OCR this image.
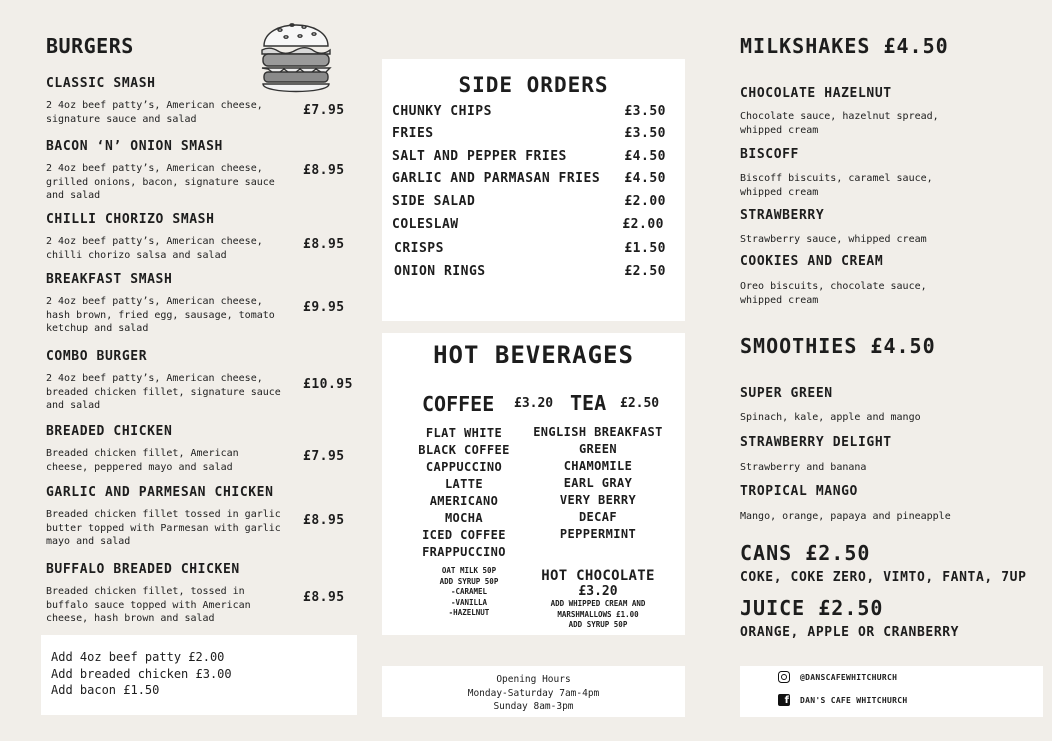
BURGERS
CLASSIC SMASH
2 4oz beef patty’s, American cheese, signature sauce and salad
£7.95
BACON ‘N’ ONION SMASH
2 4oz beef patty’s, American cheese, grilled onions, bacon, signature sauce and salad
£8.95
CHILLI CHORIZO SMASH
2 4oz beef patty’s, American cheese, chilli chorizo salsa and salad
£8.95
BREAKFAST SMASH
2 4oz beef patty’s, American cheese, hash brown, fried egg, sausage, tomato ketchup and salad
£9.95
COMBO BURGER
2 4oz beef patty’s, American cheese, breaded chicken fillet, signature sauce and salad
£10.95
BREADED CHICKEN
Breaded chicken fillet, American cheese, peppered mayo and salad
£7.95
GARLIC AND PARMESAN CHICKEN
Breaded chicken fillet tossed in garlic butter topped with Parmesan with garlic mayo and salad
£8.95
BUFFALO BREADED CHICKEN
Breaded chicken fillet, tossed in buffalo sauce topped with American cheese, hash brown and salad
£8.95
Add 4oz beef patty £2.00
Add breaded chicken £3.00
Add bacon £1.50
SIDE ORDERS
CHUNKY CHIPS	£3.50
FRIES	£3.50
SALT AND PEPPER FRIES	£4.50
GARLIC AND PARMASAN FRIES £4.50
SIDE SALAD	£2.00
COLESLAW	£2.00
CRISPS	£1.50
ONION RINGS	£2.50
HOT BEVERAGES
COFFEE £3.20 TEA £2.50
FLAT WHITE
BLACK COFFEE
CAPPUCCINO
LATTE
AMERICANO
MOCHA
ICED COFFEE
FRAPPUCCINO
ENGLISH BREAKFAST
GREEN
CHAMOMILE
EARL GRAY
VERY BERRY
DECAF
PEPPERMINT
OAT MILK 50P
ADD SYRUP 50P
-CARAMEL
-VANILLA
-HAZELNUT
HOT CHOCOLATE
£3.20
ADD WHIPPED CREAM AND
MARSHMALLOWS £1.00
ADD SYRUP 50P
Opening Hours
Monday-Saturday 7am-4pm
Sunday 8am-3pm
MILKSHAKES £4.50
CHOCOLATE HAZELNUT
Chocolate sauce, hazelnut spread, whipped cream
BISCOFF
Biscoff biscuits, caramel sauce, whipped cream
STRAWBERRY
Strawberry sauce, whipped cream
COOKIES AND CREAM
Oreo biscuits, chocolate sauce, whipped cream
SMOOTHIES £4.50
SUPER GREEN
Spinach, kale, apple and mango
STRAWBERRY DELIGHT
Strawberry and banana
TROPICAL MANGO
Mango, orange, papaya and pineapple
CANS £2.50
COKE, COKE ZERO, VIMTO, FANTA, 7UP
JUICE £2.50
ORANGE, APPLE OR CRANBERRY
@DANSCAFEWHITCHURCH
f DAN'S CAFE WHITCHURCH
